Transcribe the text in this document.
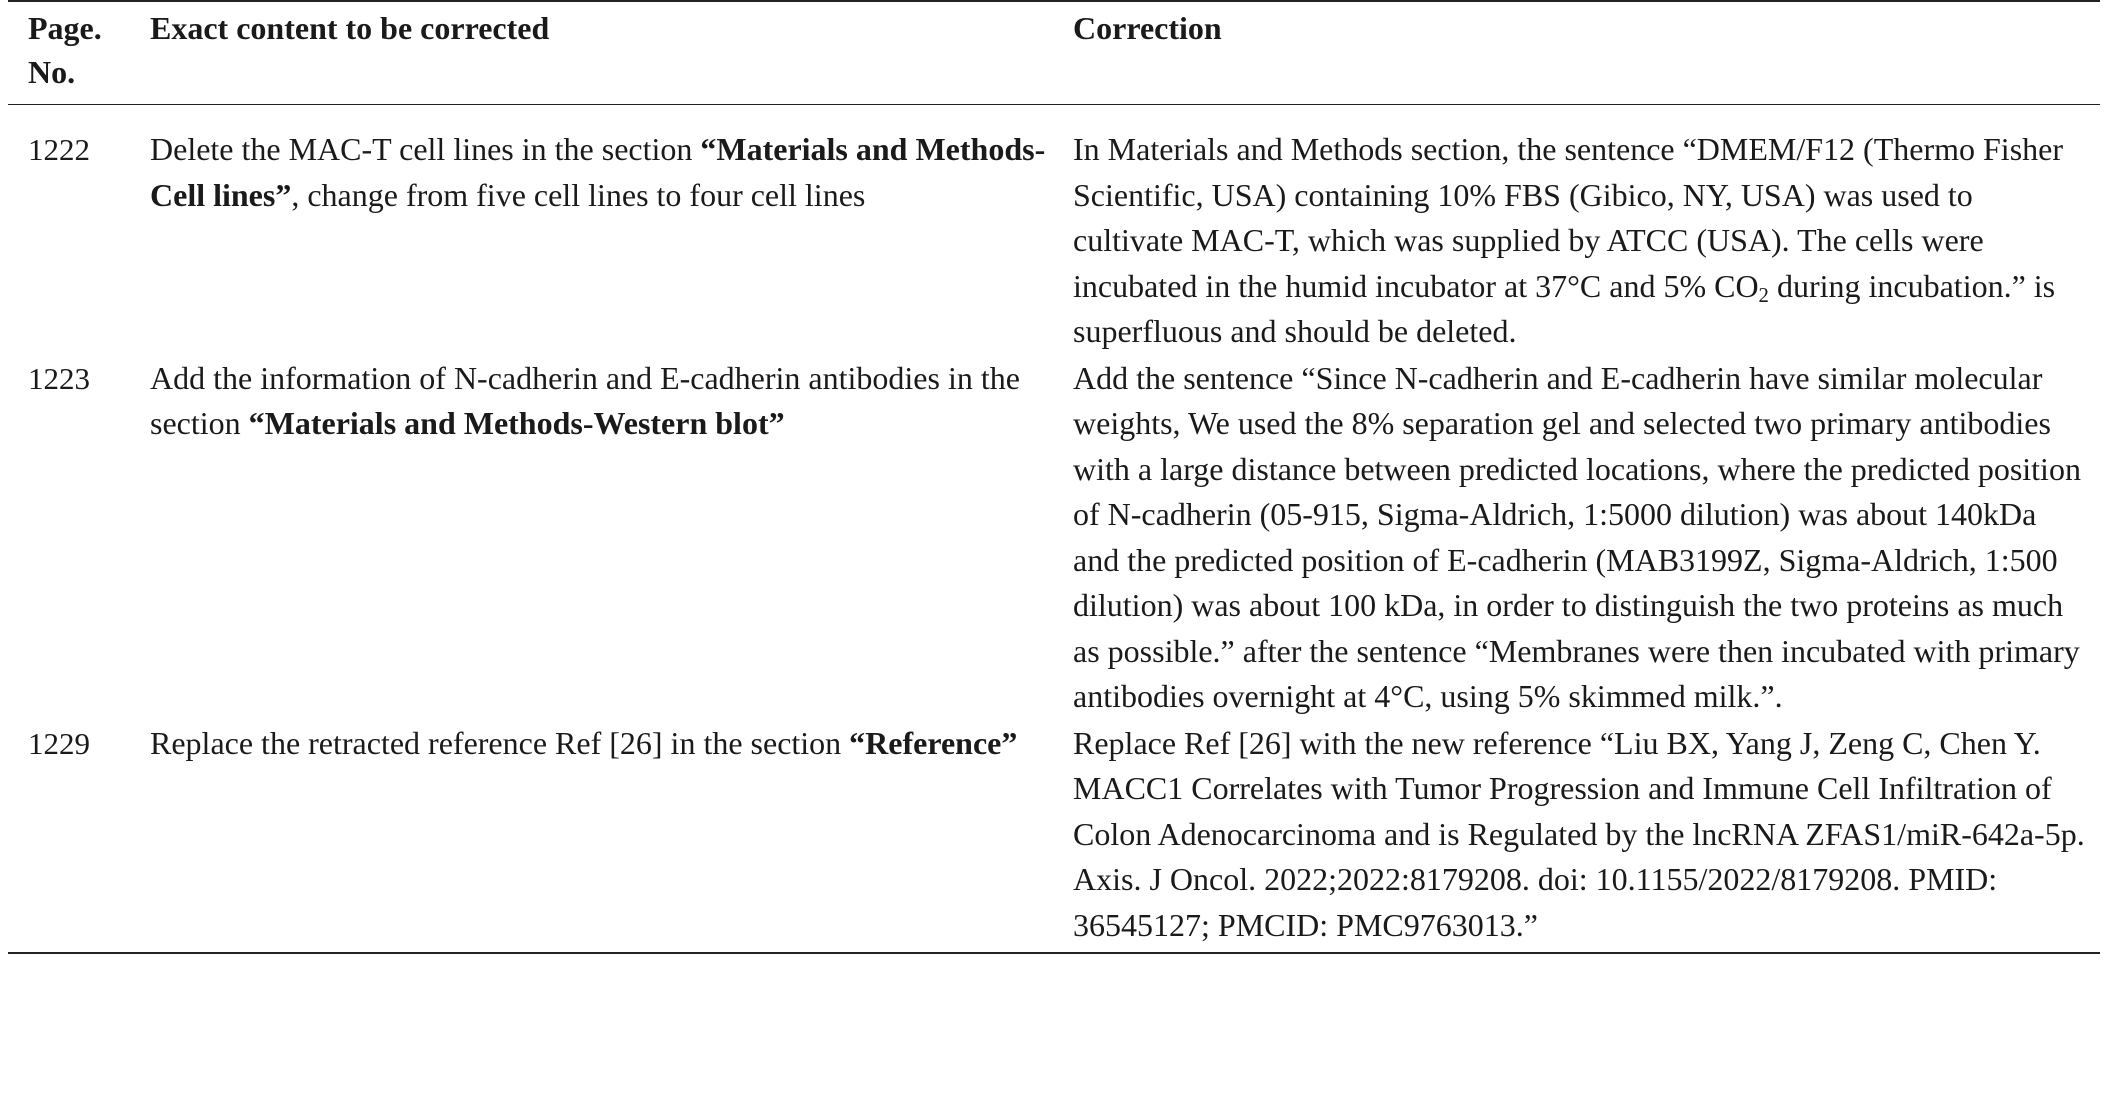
Page.
No.	Exact content to be corrected	Correction
1222	Delete the MAC-T cell lines in the section “Materials and Methods-Cell lines”, change from five cell lines to four cell lines	In Materials and Methods section, the sentence “DMEM/F12 (Thermo Fisher Scientific, USA) containing 10% FBS (Gibico, NY, USA) was used to cultivate MAC-T, which was supplied by ATCC (USA). The cells were incubated in the humid incubator at 37°C and 5% $CO_2$ during incubation.” is superfluous and should be deleted.
1223	Add the information of N-cadherin and E-cadherin antibodies in the section “Materials and Methods-Western blot”	Add the sentence “Since N-cadherin and E-cadherin have similar molecular weights, We used the 8% separation gel and selected two primary antibodies with a large distance between predicted locations, where the predicted position of N-cadherin (05-915, Sigma-Aldrich, 1:5000 dilution) was about 140kDa and the predicted position of E-cadherin (MAB3199Z, Sigma-Aldrich, 1:500 dilution) was about 100 kDa, in order to distinguish the two proteins as much as possible.” after the sentence “Membranes were then incubated with primary antibodies overnight at 4°C, using 5% skimmed milk.”.
1229	Replace the retracted reference Ref [26] in the section “Reference”	Replace Ref [26] with the new reference “Liu BX, Yang J, Zeng C, Chen Y. MACC1 Correlates with Tumor Progression and Immune Cell Infiltration of Colon Adenocarcinoma and is Regulated by the lncRNA ZFAS1/miR-642a-5p. Axis. J Oncol. 2022;2022:8179208. doi: 10.1155/2022/8179208. PMID: 36545127; PMCID: PMC9763013.”
